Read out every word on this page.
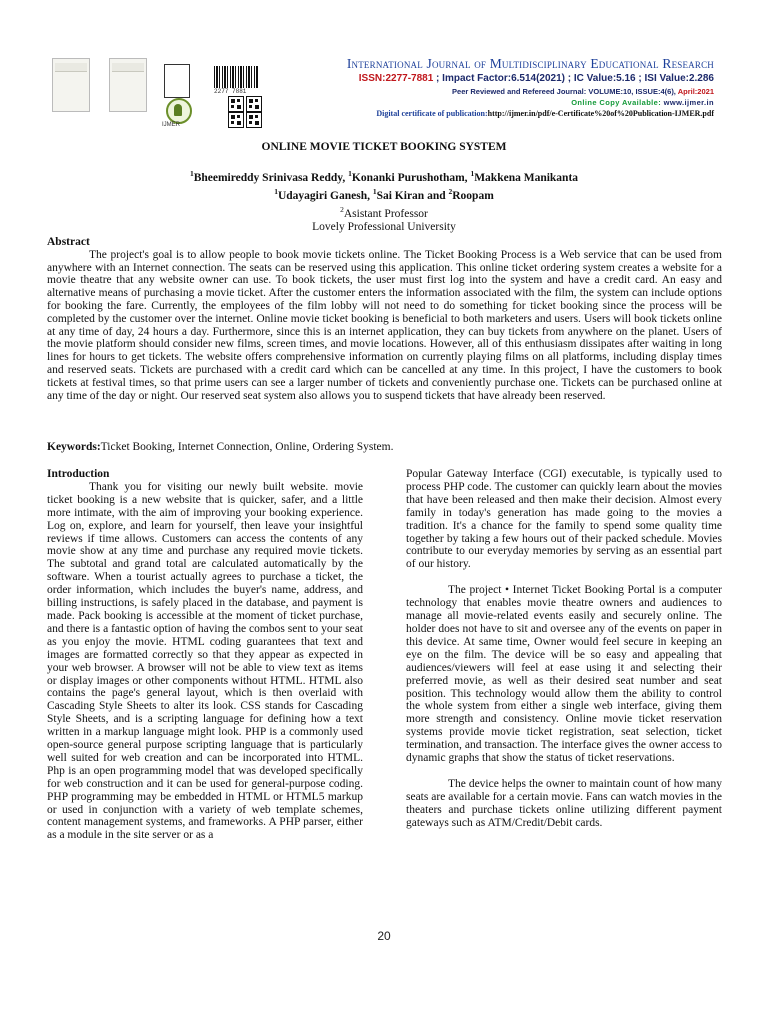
IJMER
2277 7881
International Journal of Multidisciplinary Educational Research
ISSN:2277-7881 ; Impact Factor:6.514(2021) ; IC Value:5.16 ; ISI Value:2.286
Peer Reviewed and Refereed Journal: VOLUME:10, ISSUE:4(6), April:2021
Online Copy Available: www.ijmer.in
Digital certificate of publication:http://ijmer.in/pdf/e-Certificate%20of%20Publication-IJMER.pdf
ONLINE MOVIE TICKET BOOKING SYSTEM
$^1$Bheemireddy Srinivasa Reddy, $^1$Konanki Purushotham, $^1$Makkena Manikanta
$^1$Udayagiri Ganesh, $^1$Sai Kiran and $^2$Roopam
$^2$Asistant Professor
Lovely Professional University
Abstract
The project's goal is to allow people to book movie tickets online. The Ticket Booking Process is a Web service that can be used from anywhere with an Internet connection. The seats can be reserved using this application. This online ticket ordering system creates a website for a movie theatre that any website owner can use. To book tickets, the user must first log into the system and have a credit card. An easy and alternative means of purchasing a movie ticket. After the customer enters the information associated with the film, the system can include options for booking the fare. Currently, the employees of the film lobby will not need to do something for ticket booking since the process will be completed by the customer over the internet. Online movie ticket booking is beneficial to both marketers and users. Users will book tickets online at any time of day, 24 hours a day. Furthermore, since this is an internet application, they can buy tickets from anywhere on the planet. Users of the movie platform should consider new films, screen times, and movie locations. However, all of this enthusiasm dissipates after waiting in long lines for hours to get tickets. The website offers comprehensive information on currently playing films on all platforms, including display times and reserved seats. Tickets are purchased with a credit card which can be cancelled at any time. In this project, I have the customers to book tickets at festival times, so that prime users can see a larger number of tickets and conveniently purchase one. Tickets can be purchased online at any time of the day or night. Our reserved seat system also allows you to suspend tickets that have already been reserved.
Keywords:Ticket Booking, Internet Connection, Online, Ordering System.
Introduction

Thank you for visiting our newly built website. movie ticket booking is a new website that is quicker, safer, and a little more intimate, with the aim of improving your booking experience. Log on, explore, and learn for yourself, then leave your insightful reviews if time allows. Customers can access the contents of any movie show at any time and purchase any required movie tickets. The subtotal and grand total are calculated automatically by the software. When a tourist actually agrees to purchase a ticket, the order information, which includes the buyer's name, address, and billing instructions, is safely placed in the database, and payment is made. Pack booking is accessible at the moment of ticket purchase, and there is a fantastic option of having the combos sent to your seat as you enjoy the movie. HTML coding guarantees that text and images are formatted correctly so that they appear as expected in your web browser. A browser will not be able to view text as items or display images or other components without HTML. HTML also contains the page's general layout, which is then overlaid with Cascading Style Sheets to alter its look. CSS stands for Cascading Style Sheets, and is a scripting language for defining how a text written in a markup language might look. PHP is a commonly used open-source general purpose scripting language that is particularly well suited for web creation and can be incorporated into HTML. Php is an open programming model that was developed specifically for web construction and it can be used for general-purpose coding. PHP programming may be embedded in HTML or HTML5 markup or used in conjunction with a variety of web template schemes, content management systems, and frameworks. A PHP parser, either as a module in the site server or as a

Popular Gateway Interface (CGI) executable, is typically used to process PHP code. The customer can quickly learn about the movies that have been released and then make their decision. Almost every family in today's generation has made going to the movies a tradition. It's a chance for the family to spend some quality time together by taking a few hours out of their packed schedule. Movies contribute to our everyday memories by serving as an essential part of our history.

The project • Internet Ticket Booking Portal is a computer technology that enables movie theatre owners and audiences to manage all movie-related events easily and securely online. The holder does not have to sit and oversee any of the events on paper in this device. At same time, Owner would feel secure in keeping an eye on the film. The device will be so easy and appealing that audiences/viewers will feel at ease using it and selecting their preferred movie, as well as their desired seat number and seat position. This technology would allow them the ability to control the whole system from either a single web interface, giving them more strength and consistency. Online movie ticket reservation systems provide movie ticket registration, seat selection, ticket termination, and transaction. The interface gives the owner access to dynamic graphs that show the status of ticket reservations.

The device helps the owner to maintain count of how many seats are available for a certain movie. Fans can watch movies in the theaters and purchase tickets online utilizing different payment gateways such as ATM/Credit/Debit cards.

20
